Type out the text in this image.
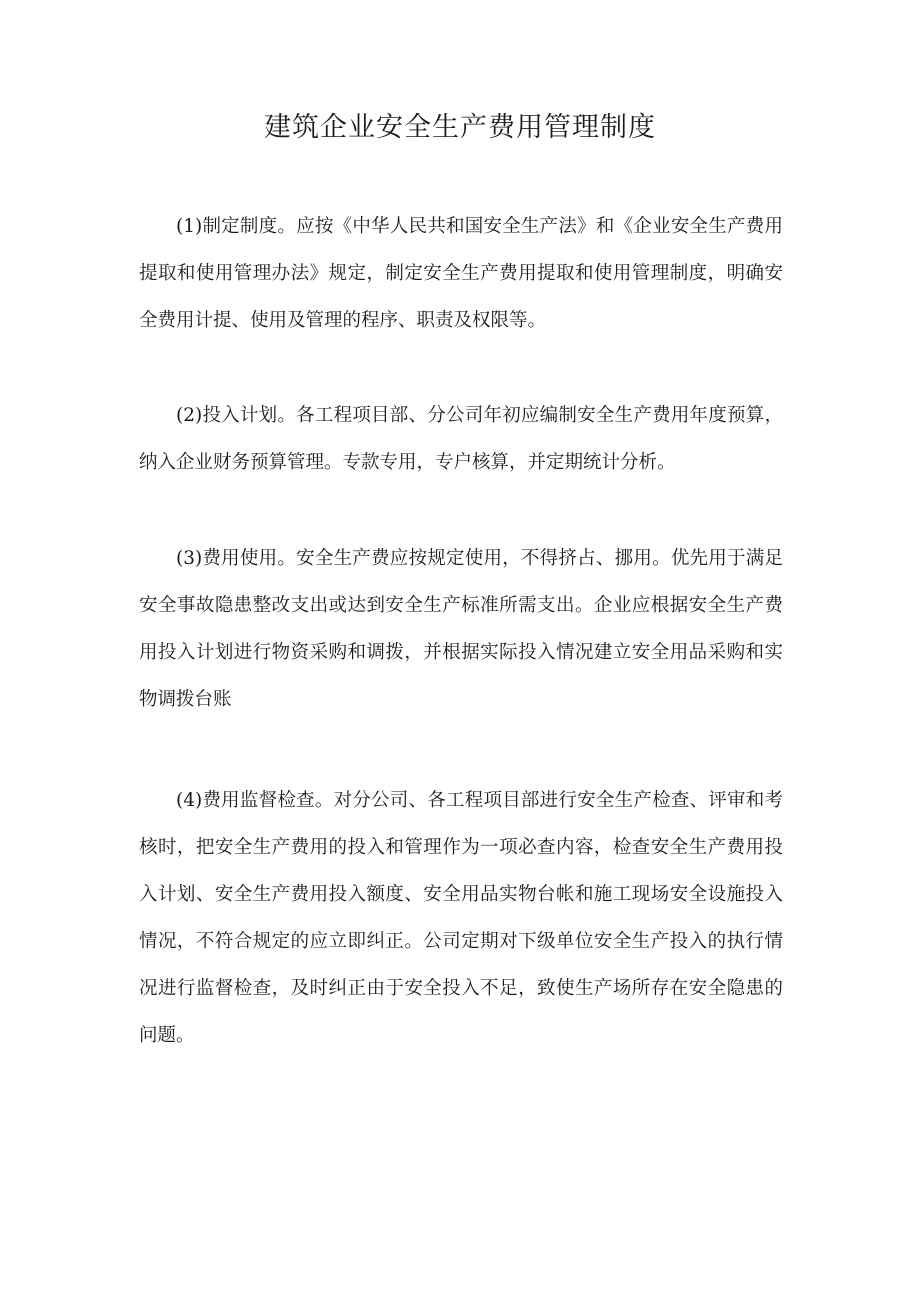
建筑企业安全生产费用管理制度

(1)制定制度。应按《中华人民共和国安全生产法》和《企业安全生产费用提取和使用管理办法》规定，制定安全生产费用提取和使用管理制度，明确安全费用计提、使用及管理的程序、职责及权限等。

(2)投入计划。各工程项目部、分公司年初应编制安全生产费用年度预算，纳入企业财务预算管理。专款专用，专户核算，并定期统计分析。

(3)费用使用。安全生产费应按规定使用，不得挤占、挪用。优先用于满足安全事故隐患整改支出或达到安全生产标准所需支出。企业应根据安全生产费用投入计划进行物资采购和调拨，并根据实际投入情况建立安全用品采购和实物调拨台账

(4)费用监督检查。对分公司、各工程项目部进行安全生产检查、评审和考核时，把安全生产费用的投入和管理作为一项必查内容，检查安全生产费用投入计划、安全生产费用投入额度、安全用品实物台帐和施工现场安全设施投入情况，不符合规定的应立即纠正。公司定期对下级单位安全生产投入的执行情况进行监督检查，及时纠正由于安全投入不足，致使生产场所存在安全隐患的问题。
